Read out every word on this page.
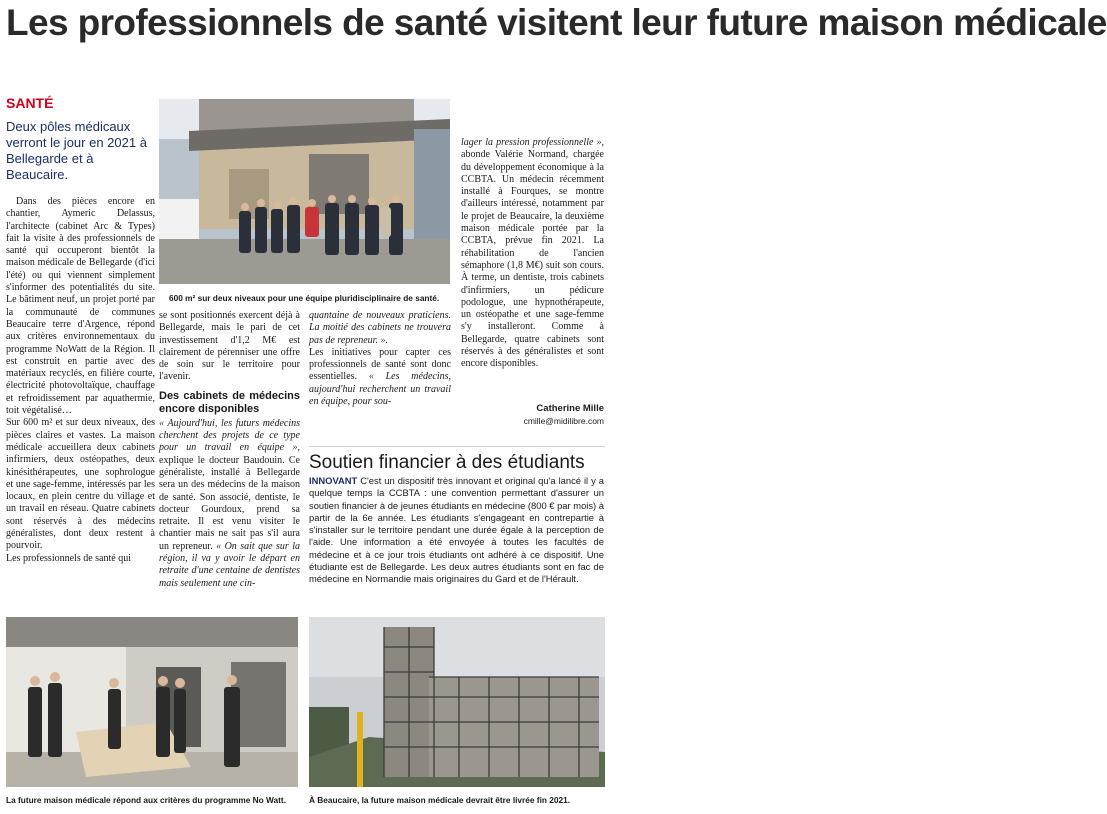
Les professionnels de santé visitent leur future maison médicale
SANTÉ
Deux pôles médicaux verront le jour en 2021 à Bellegarde et à Beaucaire.

Dans des pièces encore en chantier, Aymeric Delassus, l'architecte (cabinet Arc & Types) fait la visite à des professionnels de santé qui occuperont bientôt la maison médicale de Bellegarde (d'ici l'été) ou qui viennent simplement s'informer des potentialités du site. Le bâtiment neuf, un projet porté par la communauté de communes Beaucaire terre d'Argence, répond aux critères environnementaux du programme NoWatt de la Région. Il est construit en partie avec des matériaux recyclés, en filière courte, électricité photovoltaïque, chauffage et refroidissement par aquathermie, toit végétalisé…

Sur 600 m² et sur deux niveaux, des pièces claires et vastes. La maison médicale accueillera deux cabinets infirmiers, deux ostéopathes, deux kinésithérapeutes, une sophrologue et une sage-femme, intéressés par les locaux, en plein centre du village et un travail en réseau. Quatre cabinets sont réservés à des médecins généralistes, dont deux restent à pourvoir.

Les professionnels de santé qui

600 m² sur deux niveaux pour une équipe pluridisciplinaire de santé.

se sont positionnés exercent déjà à Bellegarde, mais le pari de cet investissement d'1,2 M€ est clairement de pérenniser une offre de soin sur le territoire pour l'avenir.

Des cabinets de médecins encore disponibles

« Aujourd'hui, les futurs médecins cherchent des projets de ce type pour un travail en équipe », explique le docteur Baudouin. Ce généraliste, installé à Bellegarde sera un des médecins de la maison de santé. Son associé, dentiste, le docteur Gourdoux, prend sa retraite. Il est venu visiter le chantier mais ne sait pas s'il aura un repreneur. « On sait que sur la région, il va y avoir le départ en retraite d'une centaine de dentistes mais seulement une cin-

quantaine de nouveaux praticiens. La moitié des cabinets ne trouvera pas de repreneur. ».

Les initiatives pour capter ces professionnels de santé sont donc essentielles. « Les médecins, aujourd'hui recherchent un travail en équipe, pour sou-

lager la pression professionnelle », abonde Valérie Normand, chargée du développement économique à la CCBTA. Un médecin récemment installé à Fourques, se montre d'ailleurs intéressé, notamment par le projet de Beaucaire, la deuxième maison médicale portée par la CCBTA, prévue fin 2021. La réhabilitation de l'ancien sémaphore (1,8 M€) suit son cours. À terme, un dentiste, trois cabinets d'infirmiers, un pédicure podologue, une hypnothérapeute, un ostéopathe et une sage-femme s'y installeront. Comme à Bellegarde, quatre cabinets sont réservés à des généralistes et sont encore disponibles.

Catherine Mille
cmille@midilibre.com
Soutien financier à des étudiants
INNOVANT C'est un dispositif très innovant et original qu'a lancé il y a quelque temps la CCBTA : une convention permettant d'assurer un soutien financier à de jeunes étudiants en médecine (800 € par mois) à partir de la 6e année. Les étudiants s'engageant en contrepartie à s'installer sur le territoire pendant une durée égale à la perception de l'aide. Une information a été envoyée à toutes les facultés de médecine et à ce jour trois étudiants ont adhéré à ce dispositif. Une étudiante est de Bellegarde. Les deux autres étudiants sont en fac de médecine en Normandie mais originaires du Gard et de l'Hérault.
La future maison médicale répond aux critères du programme No Watt.	À Beaucaire, la future maison médicale devrait être livrée fin 2021.
